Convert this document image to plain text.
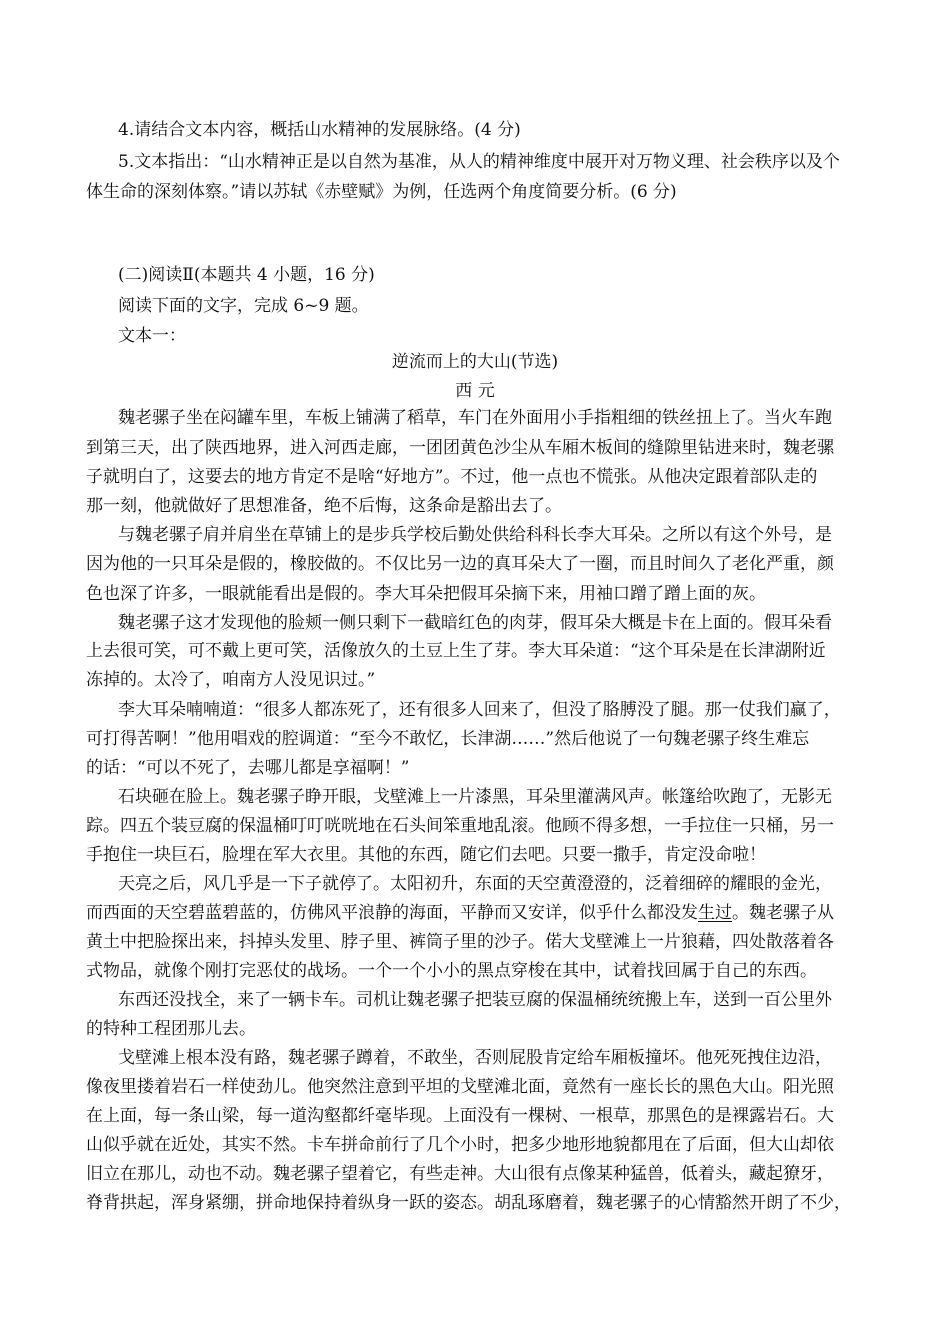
4.请结合文本内容，概括山水精神的发展脉络。(4 分)
5.文本指出：“山水精神正是以自然为基准，从人的精神维度中展开对万物义理、社会秩序以及个
体生命的深刻体察。”请以苏轼《赤壁赋》为例，任选两个角度简要分析。(6 分)
(二)阅读Ⅱ(本题共 4 小题，16 分)
阅读下面的文字，完成 6~9 题。
文本一：
逆流而上的大山(节选)
西 元
魏老骡子坐在闷罐车里，车板上铺满了稻草，车门在外面用小手指粗细的铁丝扭上了。当火车跑
到第三天，出了陕西地界，进入河西走廊，一团团黄色沙尘从车厢木板间的缝隙里钻进来时，魏老骡
子就明白了，这要去的地方肯定不是啥“好地方”。不过，他一点也不慌张。从他决定跟着部队走的
那一刻，他就做好了思想准备，绝不后悔，这条命是豁出去了。
与魏老骡子肩并肩坐在草铺上的是步兵学校后勤处供给科科长李大耳朵。之所以有这个外号，是
因为他的一只耳朵是假的，橡胶做的。不仅比另一边的真耳朵大了一圈，而且时间久了老化严重，颜
色也深了许多，一眼就能看出是假的。李大耳朵把假耳朵摘下来，用袖口蹭了蹭上面的灰。
魏老骡子这才发现他的脸颊一侧只剩下一截暗红色的肉芽，假耳朵大概是卡在上面的。假耳朵看
上去很可笑，可不戴上更可笑，活像放久的土豆上生了芽。李大耳朵道：“这个耳朵是在长津湖附近
冻掉的。太冷了，咱南方人没见识过。”
李大耳朵喃喃道：“很多人都冻死了，还有很多人回来了，但没了胳膊没了腿。那一仗我们赢了，
可打得苦啊！”他用唱戏的腔调道：“至今不敢忆，长津湖……”然后他说了一句魏老骡子终生难忘
的话：“可以不死了，去哪儿都是享福啊！”
石块砸在脸上。魏老骡子睁开眼，戈壁滩上一片漆黑，耳朵里灌满风声。帐篷给吹跑了，无影无
踪。四五个装豆腐的保温桶叮叮咣咣地在石头间笨重地乱滚。他顾不得多想，一手拉住一只桶，另一
手抱住一块巨石，脸埋在军大衣里。其他的东西，随它们去吧。只要一撒手，肯定没命啦！
天亮之后，风几乎是一下子就停了。太阳初升，东面的天空黄澄澄的，泛着细碎的耀眼的金光，
而西面的天空碧蓝碧蓝的，仿佛风平浪静的海面，平静而又安详，似乎什么都没发生过。魏老骡子从
黄土中把脸探出来，抖掉头发里、脖子里、裤筒子里的沙子。偌大戈壁滩上一片狼藉，四处散落着各
式物品，就像个刚打完恶仗的战场。一个一个小小的黑点穿梭在其中，试着找回属于自己的东西。
东西还没找全，来了一辆卡车。司机让魏老骡子把装豆腐的保温桶统统搬上车，送到一百公里外
的特种工程团那儿去。
戈壁滩上根本没有路，魏老骡子蹲着，不敢坐，否则屁股肯定给车厢板撞坏。他死死拽住边沿，
像夜里搂着岩石一样使劲儿。他突然注意到平坦的戈壁滩北面，竟然有一座长长的黑色大山。阳光照
在上面，每一条山梁，每一道沟壑都纤毫毕现。上面没有一棵树、一根草，那黑色的是裸露岩石。大
山似乎就在近处，其实不然。卡车拼命前行了几个小时，把多少地形地貌都甩在了后面，但大山却依
旧立在那儿，动也不动。魏老骡子望着它，有些走神。大山很有点像某种猛兽，低着头，藏起獠牙，
脊背拱起，浑身紧绷，拼命地保持着纵身一跃的姿态。胡乱琢磨着，魏老骡子的心情豁然开朗了不少，
